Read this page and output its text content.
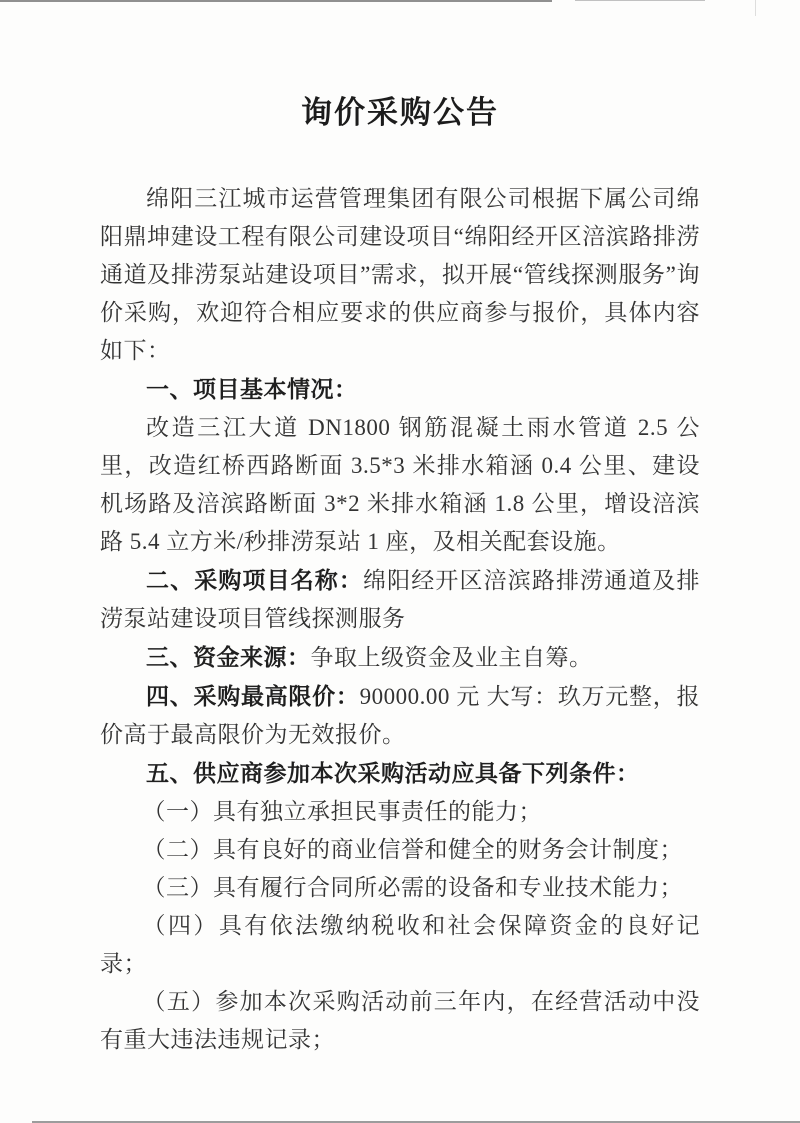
询价采购公告

绵阳三江城市运营管理集团有限公司根据下属公司绵阳鼎坤建设工程有限公司建设项目“绵阳经开区涪滨路排涝通道及排涝泵站建设项目”需求，拟开展“管线探测服务”询价采购，欢迎符合相应要求的供应商参与报价，具体内容如下：

一、项目基本情况：

改造三江大道 DN1800 钢筋混凝土雨水管道 2.5 公里，改造红桥西路断面 3.5*3 米排水箱涵 0.4 公里、建设机场路及涪滨路断面 3*2 米排水箱涵 1.8 公里，增设涪滨路 5.4 立方米/秒排涝泵站 1 座，及相关配套设施。

二、采购项目名称：绵阳经开区涪滨路排涝通道及排涝泵站建设项目管线探测服务

三、资金来源：争取上级资金及业主自筹。

四、采购最高限价：90000.00 元 大写：玖万元整，报价高于最高限价为无效报价。

五、供应商参加本次采购活动应具备下列条件：

（一）具有独立承担民事责任的能力；

（二）具有良好的商业信誉和健全的财务会计制度；

（三）具有履行合同所必需的设备和专业技术能力；

（四）具有依法缴纳税收和社会保障资金的良好记录；

（五）参加本次采购活动前三年内，在经营活动中没有重大违法违规记录；
